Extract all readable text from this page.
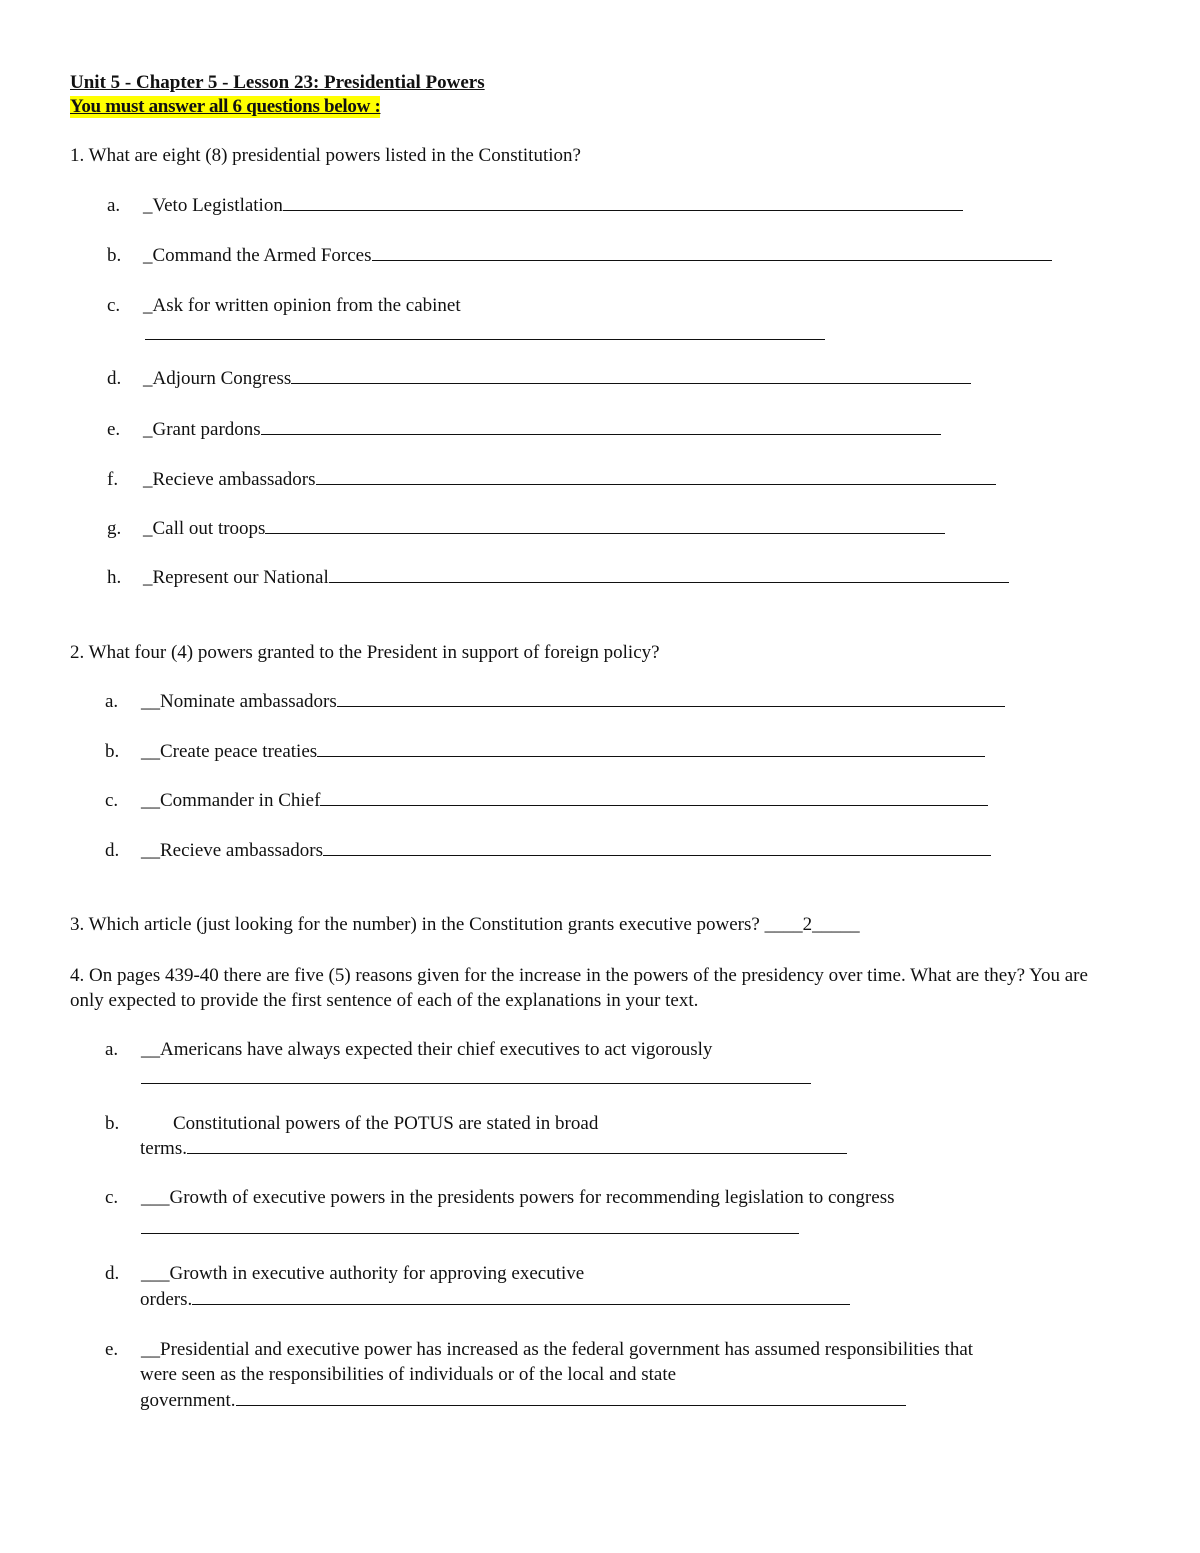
Unit 5 - Chapter 5 - Lesson 23: Presidential Powers
You must answer all 6 questions below :
1. What are eight (8) presidential powers listed in the Constitution?
a. _Veto Legistlation
b. _Command the Armed Forces
c. _Ask for written opinion from the cabinet
d. _Adjourn Congress
e. _Grant pardons
f. _Recieve ambassadors
g. _Call out troops
h. _Represent our National
2. What four (4) powers granted to the President in support of foreign policy?
a. __Nominate ambassadors
b. __Create peace treaties
c. __Commander in Chief
d. __Recieve ambassadors
3. Which article (just looking for the number) in the Constitution grants executive powers? ____2_____
4. On pages 439-40 there are five (5) reasons given for the increase in the powers of the presidency over time. What are they? You are only expected to provide the first sentence of each of the explanations in your text.
a. __Americans have always expected their chief executives to act vigorously
b.	Constitutional powers of the POTUS are stated in broad
terms.
c. ___Growth of executive powers in the presidents powers for recommending legislation to congress
d. ___Growth in executive authority for approving executive
orders.
e. __Presidential and executive power has increased as the federal government has assumed responsibilities that
were seen as the responsibilities of individuals or of the local and state
government.
